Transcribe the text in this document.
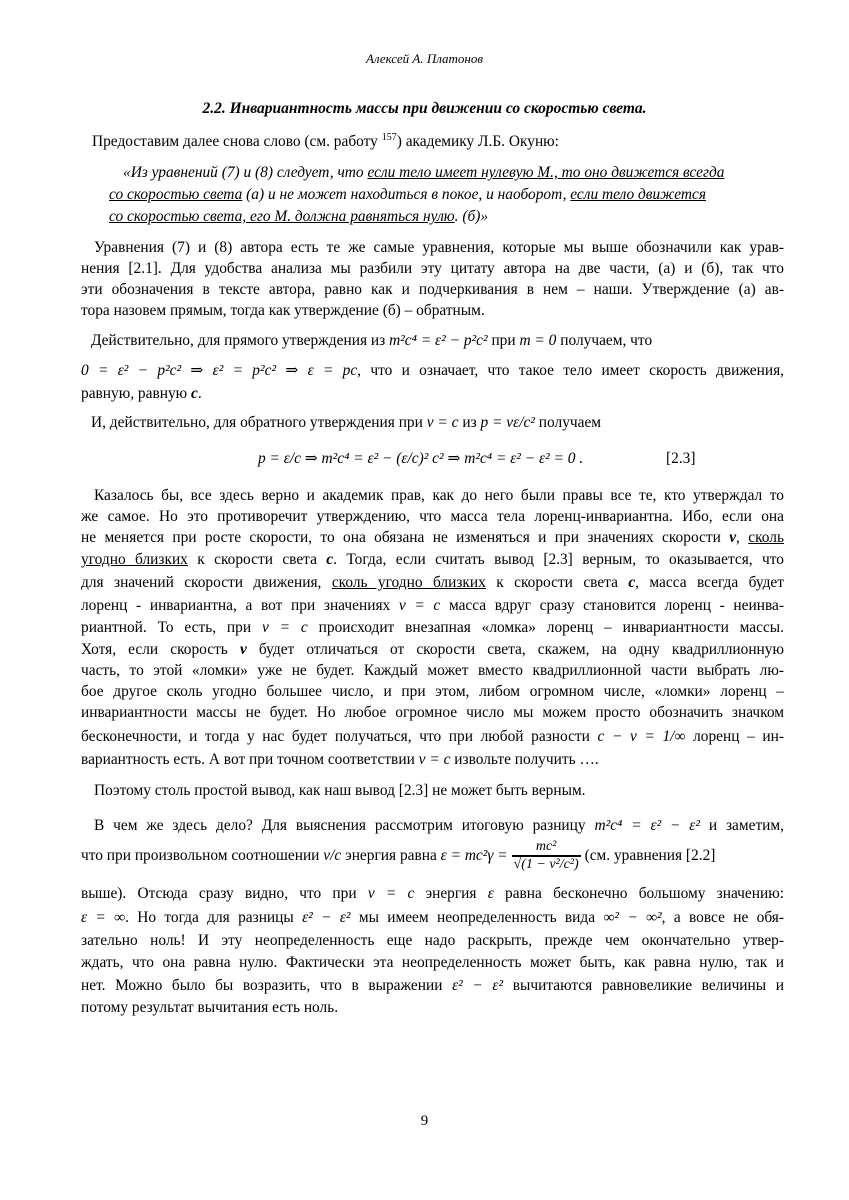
Алексей А. Платонов
2.2. Инвариантность массы при движении со скоростью света.
Предоставим далее снова слово (см. работу $^{157}$) академику Л.Б. Окуню:
«Из уравнений (7) и (8) следует, что если тело имеет нулевую М., то оно движется всегда
со скоростью света (а) и не может находиться в покое, и наоборот, если тело движется
со скоростью света, его М. должна равняться нулю. (б)»
Уравнения (7) и (8) автора есть те же самые уравнения, которые мы выше обозначили как урав-
нения [2.1]. Для удобства анализа мы разбили эту цитату автора на две части, (а) и (б), так что
эти обозначения в тексте автора, равно как и подчеркивания в нем – наши. Утверждение (а) ав-
тора назовем прямым, тогда как утверждение (б) – обратным.
Действительно, для прямого утверждения из m²c⁴ = ε² − p²c² при m = 0 получаем, что
0 = ε² − p²c² ⇒ ε² = p²c² ⇒ ε = pc, что и означает, что такое тело имеет скорость движения,
равную, равную c.
И, действительно, для обратного утверждения при v = c из p = vε/c² получаем
p = ε/c ⇒ m²c⁴ = ε² − (ε/c)² c² ⇒ m²c⁴ = ε² − ε² = 0 .	[2.3]
Казалось бы, все здесь верно и академик прав, как до него были правы все те, кто утверждал то
же самое. Но это противоречит утверждению, что масса тела лоренц-инвариантна. Ибо, если она
не меняется при росте скорости, то она обязана не изменяться и при значениях скорости v, сколь
угодно близких к скорости света c. Тогда, если считать вывод [2.3] верным, то оказывается, что
для значений скорости движения, сколь угодно близких к скорости света c, масса всегда будет
лоренц - инвариантна, а вот при значениях v = c масса вдруг сразу становится лоренц - неинва-
риантной. То есть, при v = c происходит внезапная «ломка» лоренц – инвариантности массы.
Хотя, если скорость v будет отличаться от скорости света, скажем, на одну квадриллионную
часть, то этой «ломки» уже не будет. Каждый может вместо квадриллионной части выбрать лю-
бое другое сколь угодно большее число, и при этом, либом огромном числе, «ломки» лоренц –
инвариантности массы не будет. Но любое огромное число мы можем просто обозначить значком
бесконечности, и тогда у нас будет получаться, что при любой разности c − v = 1/∞ лоренц – ин-
вариантность есть. А вот при точном соответствии v = c извольте получить ….
Поэтому столь простой вывод, как наш вывод [2.3] не может быть верным.
В чем же здесь дело? Для выяснения рассмотрим итоговую разницу m²c⁴ = ε² − ε² и заметим,
что при произвольном соотношении v/c энергия равна $\varepsilon = mc^2\gamma = \frac{\text{mc²}}{\text{√(1 − v²/c²)}} (см$. уравнения [2.2]
выше). Отсюда сразу видно, что при v = c энергия ε равна бесконечно большому значению:
ε = ∞. Но тогда для разницы ε² − ε² мы имеем неопределенность вида ∞² − ∞², а вовсе не обя-
зательно ноль! И эту неопределенность еще надо раскрыть, прежде чем окончательно утвер-
ждать, что она равна нулю. Фактически эта неопределенность может быть, как равна нулю, так и
нет. Можно было бы возразить, что в выражении ε² − ε² вычитаются равновеликие величины и
потому результат вычитания есть ноль.
9
